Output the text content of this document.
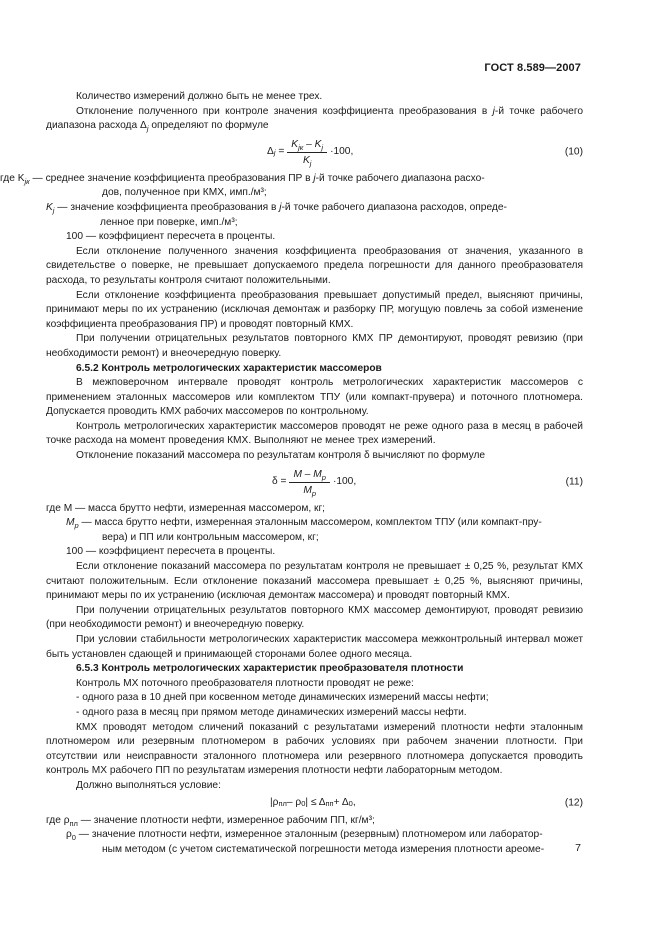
ГОСТ 8.589—2007

Количество измерений должно быть не менее трех.

Отклонение полученного при контроле значения коэффициента преобразования в j-й точке рабочего диапазона расхода $\Delta_j$ определяют по формуле

Δ $j = \frac{K_{jк} - K_j}{K_j} \cdot 100$,	(10)

где $K_{jк}$ — среднее значение коэффициента преобразования ПР в j-й точке рабочего диапазона расхо-

дов, полученное при КМХ, имп./м³;

$K_j$ — значение коэффициента преобразования в j-й точке рабочего диапазона расходов, опреде-

ленное при поверке, имп./м³;

100 — коэффициент пересчета в проценты.

Если отклонение полученного значения коэффициента преобразования от значения, указанного в свидетельстве о поверке, не превышает допускаемого предела погрешности для данного преобразователя расхода, то результаты контроля считают положительными.

Если отклонение коэффициента преобразования превышает допустимый предел, выясняют причины, принимают меры по их устранению (исключая демонтаж и разборку ПР, могущую повлечь за собой изменение коэффициента преобразования ПР) и проводят повторный КМХ.

При получении отрицательных результатов повторного КМХ ПР демонтируют, проводят ревизию (при необходимости ремонт) и внеочередную поверку.

6.5.2 Контроль метрологических характеристик массомеров

В межповерочном интервале проводят контроль метрологических характеристик массомеров с применением эталонных массомеров или комплектом ТПУ (или компакт-прувера) и поточного плотномера. Допускается проводить КМХ рабочих массомеров по контрольному.

Контроль метрологических характеристик массомеров проводят не реже одного раза в месяц в рабочей точке расхода на момент проведения КМХ. Выполняют не менее трех измерений.

Отклонение показаний массомера по результатам контроля δ вычисляют по формуле

$\delta = \frac{M - M_р}{M_р} \cdot 100$,	(11)

где M — масса брутто нефти, измеренная массомером, кг;

$M_р$ — масса брутто нефти, измеренная эталонным массомером, комплектом ТПУ (или компакт-пру-

вера) и ПП или контрольным массомером, кг;

100 — коэффициент пересчета в проценты.

Если отклонение показаний массомера по результатам контроля не превышает ± 0,25 %, результат КМХ считают положительным. Если отклонение показаний массомера превышает ± 0,25 %, выясняют причины, принимают меры по их устранению (исключая демонтаж массомера) и проводят повторный КМХ.

При получении отрицательных результатов повторного КМХ массомер демонтируют, проводят ревизию (при необходимости ремонт) и внеочередную поверку.

При условии стабильности метрологических характеристик массомера межконтрольный интервал может быть установлен сдающей и принимающей сторонами более одного месяца.

6.5.3 Контроль метрологических характеристик преобразователя плотности

Контроль МХ поточного преобразователя плотности проводят не реже:

- одного раза в 10 дней при косвенном методе динамических измерений массы нефти;

- одного раза в месяц при прямом методе динамических измерений массы нефти.

КМХ проводят методом сличений показаний с результатами измерений плотности нефти эталонным плотномером или резервным плотномером в рабочих условиях при рабочем значении плотности. При отсутствии или неисправности эталонного плотномера или резервного плотномера допускается проводить контроль МХ рабочего ПП по результатам измерения плотности нефти лабораторным методом.

Должно выполняться условие:

|ρ пл – ρ 0 | ≤ Δ пп + Δ 0 ,	(12)

где $\rho_{пл}$ — значение плотности нефти, измеренное рабочим ПП, кг/м³;

$\rho_0$ — значение плотности нефти, измеренное эталонным (резервным) плотномером или лаборатор-

ным методом (с учетом систематической погрешности метода измерения плотности ареоме-	7
